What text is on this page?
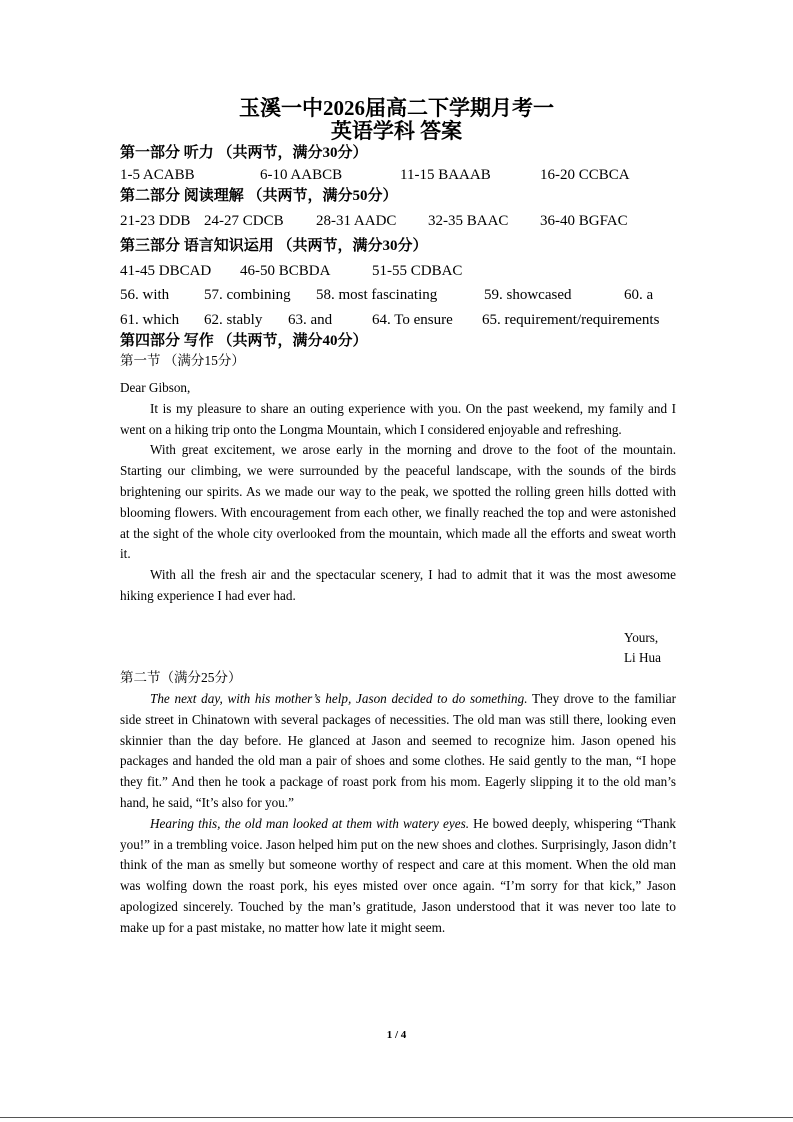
玉溪一中2026届高二下学期月考一
英语学科 答案
第一部分 听力 （共两节，满分30分）
1-5 ACABB	6-10 AABCB	11-15 BAAAB	16-20 CCBCA
第二部分 阅读理解 （共两节，满分50分）
21-23 DDB 24-27 CDCB 28-31 AADC 32-35 BAAC 36-40 BGFAC
第三部分 语言知识运用 （共两节，满分30分）
41-45 DBCAD 46-50 BCBDA	51-55 CDBAC
56. with 57. combining 58. most fascinating	59. showcased	60. a
61. which 62. stably 63. and	64. To ensure 65. requirement/requirements
第四部分 写作 （共两节，满分40分）
第一节 （满分15分）

Dear Gibson,

It is my pleasure to share an outing experience with you. On the past weekend, my family and I went on a hiking trip onto the Longma Mountain, which I considered enjoyable and refreshing.

With great excitement, we arose early in the morning and drove to the foot of the mountain. Starting our climbing, we were surrounded by the peaceful landscape, with the sounds of the birds brightening our spirits. As we made our way to the peak, we spotted the rolling green hills dotted with blooming flowers. With encouragement from each other, we finally reached the top and were astonished at the sight of the whole city overlooked from the mountain, which made all the efforts and sweat worth it.

With all the fresh air and the spectacular scenery, I had to admit that it was the most awesome hiking experience I had ever had.

Yours,
Li Hua
第二节（满分25分）

The next day, with his mother’s help, Jason decided to do something. They drove to the familiar side street in Chinatown with several packages of necessities. The old man was still there, looking even skinnier than the day before. He glanced at Jason and seemed to recognize him. Jason opened his packages and handed the old man a pair of shoes and some clothes. He said gently to the man, “I hope they fit.” And then he took a package of roast pork from his mom. Eagerly slipping it to the old man’s hand, he said, “It’s also for you.”

Hearing this, the old man looked at them with watery eyes. He bowed deeply, whispering “Thank you!” in a trembling voice. Jason helped him put on the new shoes and clothes. Surprisingly, Jason didn’t think of the man as smelly but someone worthy of respect and care at this moment. When the old man was wolfing down the roast pork, his eyes misted over once again. “I’m sorry for that kick,” Jason apologized sincerely. Touched by the man’s gratitude, Jason understood that it was never too late to make up for a past mistake, no matter how late it might seem.

1 / 4
